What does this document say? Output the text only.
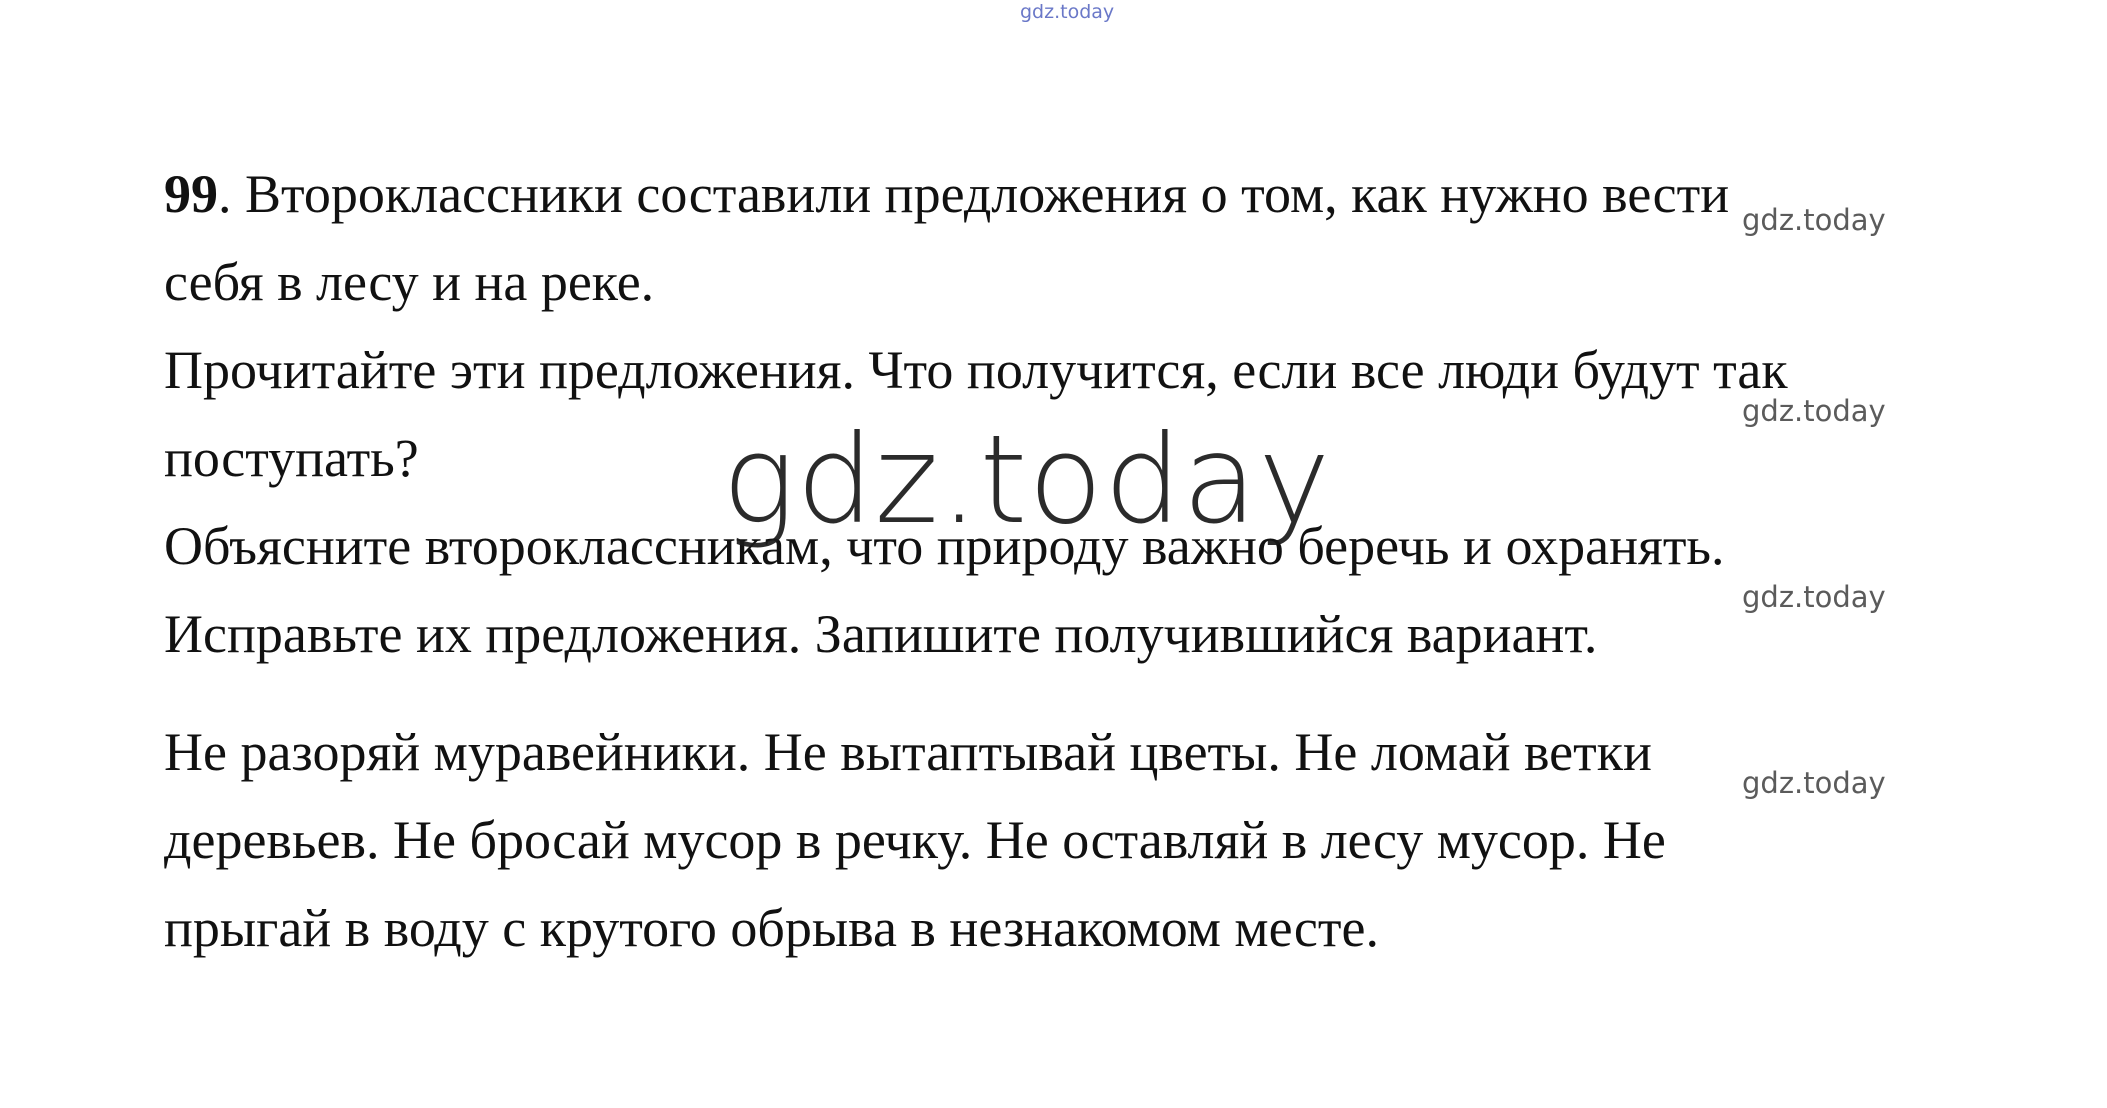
gdz.today
99. Второклассники составили предложения о том, как нужно вести
себя в лесу и на реке.
Прочитайте эти предложения. Что получится, если все люди будут так
поступать?
Объясните второклассникам, что природу важно беречь и охранять.
Исправьте их предложения. Запишите получившийся вариант.
Не разоряй муравейники. Не вытаптывай цветы. Не ломай ветки
деревьев. Не бросай мусор в речку. Не оставляй в лесу мусор. Не
прыгай в воду с крутого обрыва в незнакомом месте.
gdz.today
gdz.today
gdz.today
gdz.today
gdz.today
